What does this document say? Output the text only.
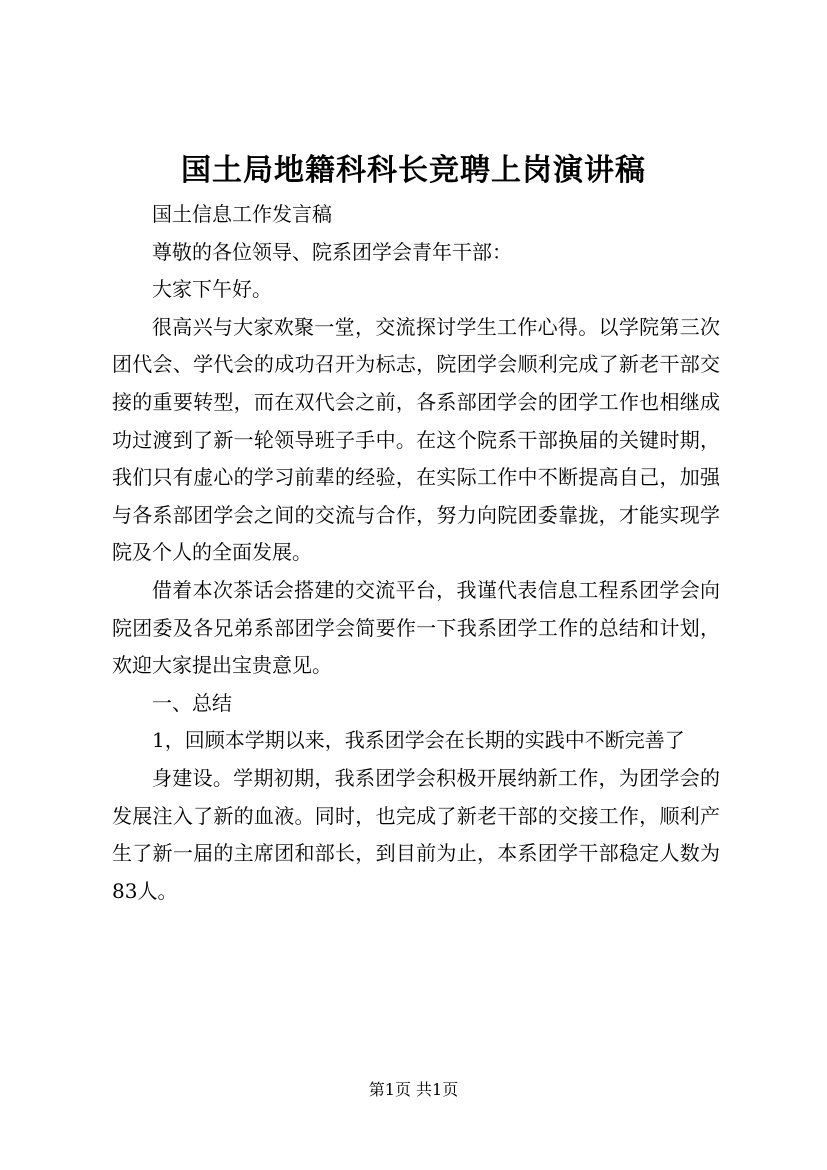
国土局地籍科科长竞聘上岗演讲稿

国土信息工作发言稿

尊敬的各位领导、院系团学会青年干部：

大家下午好。

很高兴与大家欢聚一堂，交流探讨学生工作心得。以学院第三次团代会、学代会的成功召开为标志，院团学会顺利完成了新老干部交接的重要转型，而在双代会之前，各系部团学会的团学工作也相继成功过渡到了新一轮领导班子手中。在这个院系干部换届的关键时期，我们只有虚心的学习前辈的经验，在实际工作中不断提高自己，加强与各系部团学会之间的交流与合作，努力向院团委靠拢，才能实现学院及个人的全面发展。

借着本次茶话会搭建的交流平台，我谨代表信息工程系团学会向院团委及各兄弟系部团学会简要作一下我系团学工作的总结和计划，欢迎大家提出宝贵意见。

一、总结

1，回顾本学期以来，我系团学会在长期的实践中不断完善了

身建设。学期初期，我系团学会积极开展纳新工作，为团学会的发展注入了新的血液。同时，也完成了新老干部的交接工作，顺利产生了新一届的主席团和部长，到目前为止，本系团学干部稳定人数为83人。

第1页 共1页
